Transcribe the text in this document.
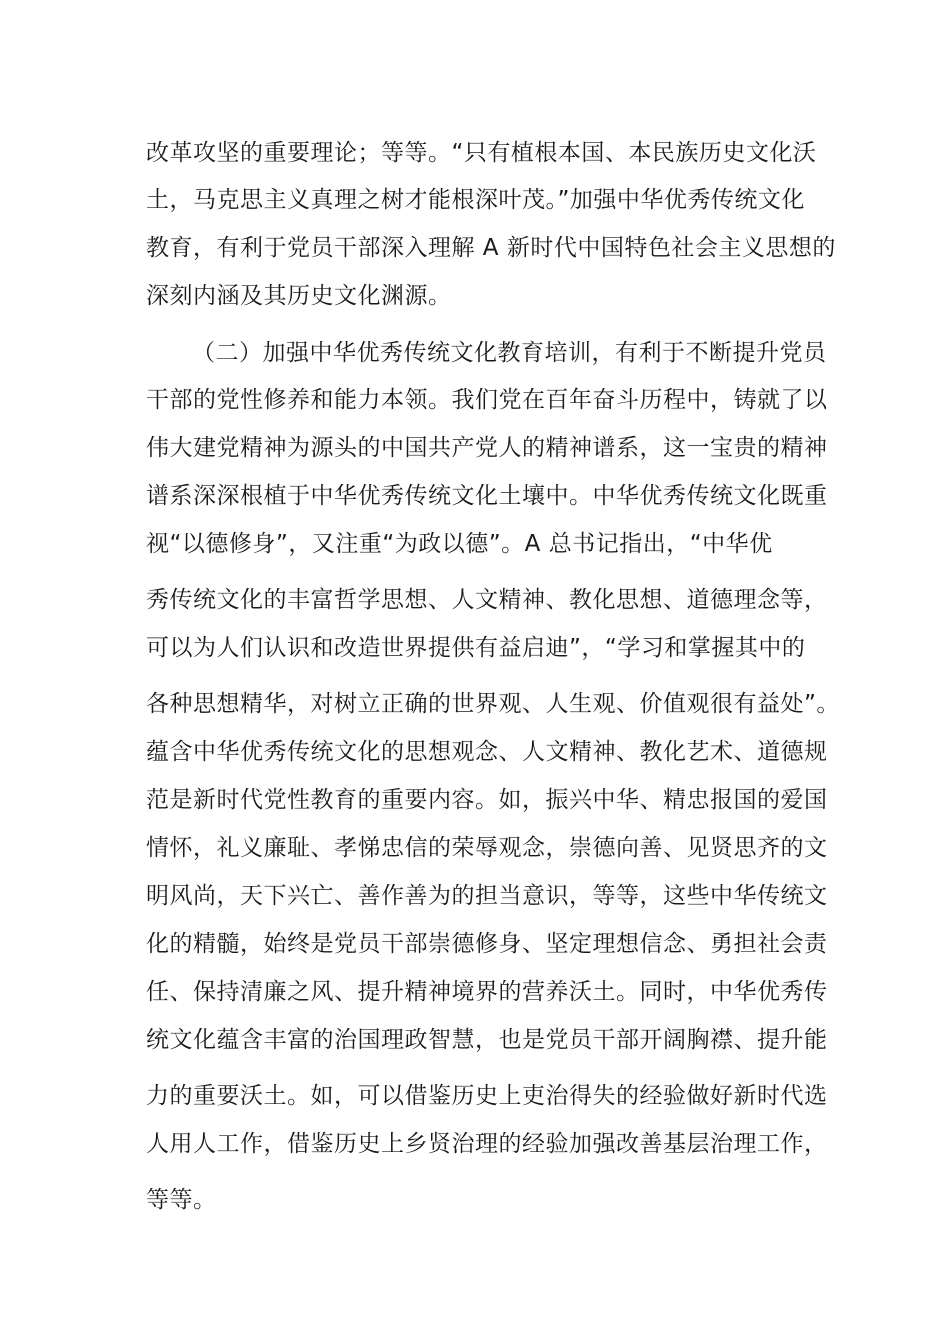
改革攻坚的重要理论；等等。“只有植根本国、本民族历史文化沃
土，马克思主义真理之树才能根深叶茂。”加强中华优秀传统文化
教育，有利于党员干部深入理解 A 新时代中国特色社会主义思想的
深刻内涵及其历史文化渊源。
（二）加强中华优秀传统文化教育培训，有利于不断提升党员
干部的党性修养和能力本领。我们党在百年奋斗历程中，铸就了以
伟大建党精神为源头的中国共产党人的精神谱系，这一宝贵的精神
谱系深深根植于中华优秀传统文化土壤中。中华优秀传统文化既重
视“以德修身”，又注重“为政以德”。A 总书记指出，“中华优
秀传统文化的丰富哲学思想、人文精神、教化思想、道德理念等，
可以为人们认识和改造世界提供有益启迪”，“学习和掌握其中的
各种思想精华，对树立正确的世界观、人生观、价值观很有益处”。
蕴含中华优秀传统文化的思想观念、人文精神、教化艺术、道德规
范是新时代党性教育的重要内容。如，振兴中华、精忠报国的爱国
情怀，礼义廉耻、孝悌忠信的荣辱观念，崇德向善、见贤思齐的文
明风尚，天下兴亡、善作善为的担当意识，等等，这些中华传统文
化的精髓，始终是党员干部崇德修身、坚定理想信念、勇担社会责
任、保持清廉之风、提升精神境界的营养沃土。同时，中华优秀传
统文化蕴含丰富的治国理政智慧，也是党员干部开阔胸襟、提升能
力的重要沃土。如，可以借鉴历史上吏治得失的经验做好新时代选
人用人工作，借鉴历史上乡贤治理的经验加强改善基层治理工作，
等等。
